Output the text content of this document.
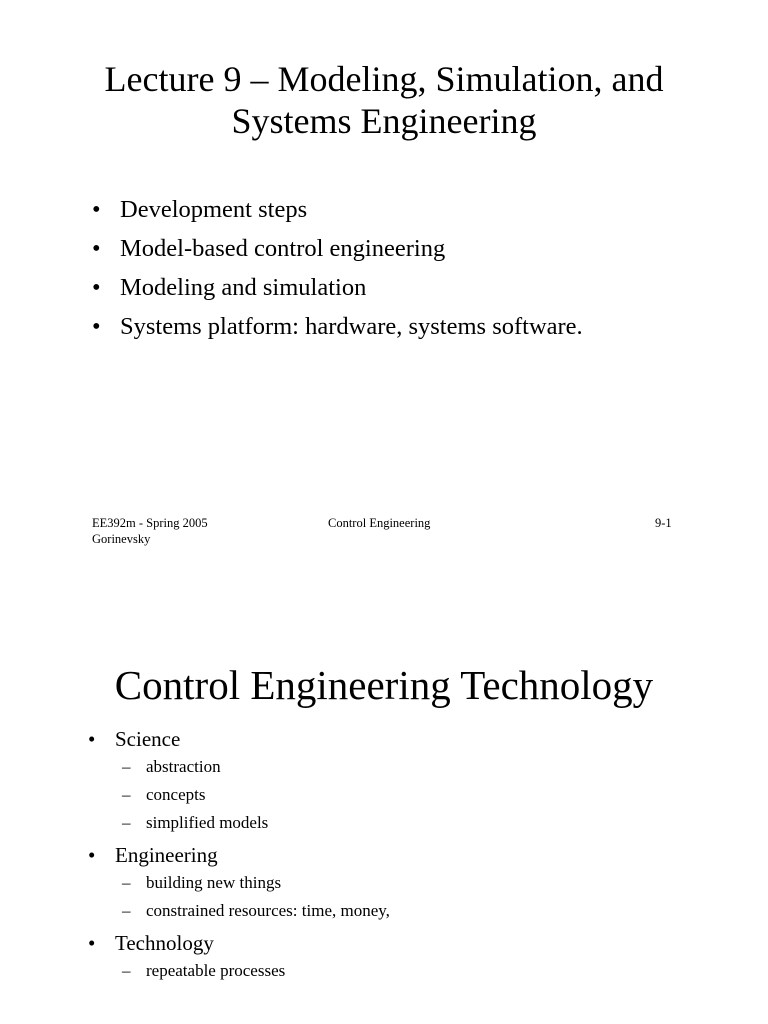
Lecture 9 – Modeling, Simulation, and
Systems Engineering
• Development steps
• Model-based control engineering
• Modeling and simulation
• Systems platform: hardware, systems software.
EE392m - Spring 2005
Gorinevsky
Control Engineering	9-1
Control Engineering Technology
• Science
– abstraction
– concepts
– simplified models
• Engineering
– building new things
– constrained resources: time, money,
• Technology
– repeatable processes
